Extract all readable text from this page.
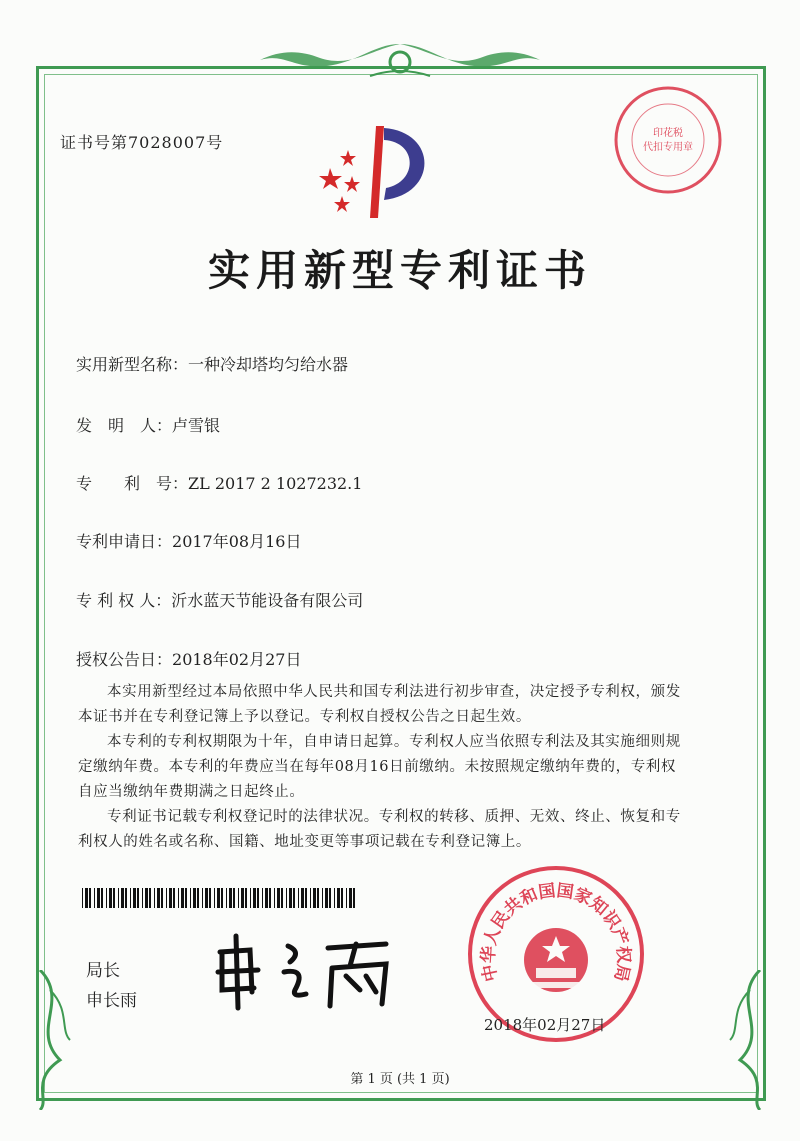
证书号第7028007号
实用新型专利证书
实用新型名称：一种冷却塔均匀给水器
发　明　人：卢雪银
专　　利　号：ZL 2017 2 1027232.1
专利申请日：2017年08月16日
专 利 权 人：沂水蓝天节能设备有限公司
授权公告日：2018年02月27日

本实用新型经过本局依照中华人民共和国专利法进行初步审查，决定授予专利权，颁发本证书并在专利登记簿上予以登记。专利权自授权公告之日起生效。

本专利的专利权期限为十年，自申请日起算。专利权人应当依照专利法及其实施细则规定缴纳年费。本专利的年费应当在每年08月16日前缴纳。未按照规定缴纳年费的，专利权自应当缴纳年费期满之日起终止。

专利证书记载专利权登记时的法律状况。专利权的转移、质押、无效、终止、恢复和专利权人的姓名或名称、国籍、地址变更等事项记载在专利登记簿上。

局长
申长雨
中华人民共和国国家知识产权局
2018年02月27日
印花税
代扣专用章
第 1 页 (共 1 页)
